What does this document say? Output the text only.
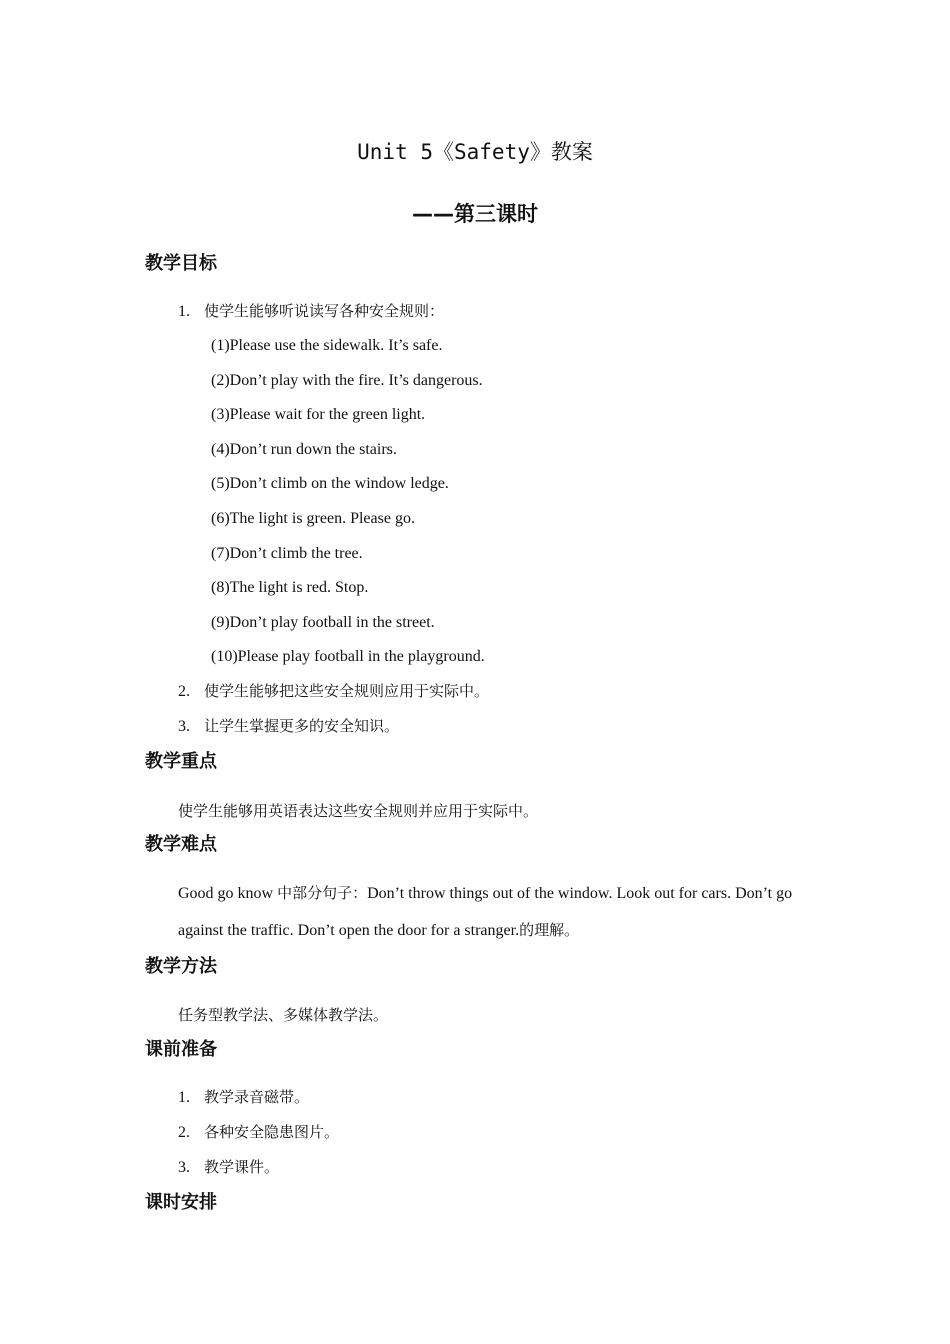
Unit 5《Safety》教案
——第三课时
教学目标
1. 使学生能够听说读写各种安全规则：
(1)Please use the sidewalk. It’s safe.
(2)Don’t play with the fire. It’s dangerous.
(3)Please wait for the green light.
(4)Don’t run down the stairs.
(5)Don’t climb on the window ledge.
(6)The light is green. Please go.
(7)Don’t climb the tree.
(8)The light is red. Stop.
(9)Don’t play football in the street.
(10)Please play football in the playground.
2. 使学生能够把这些安全规则应用于实际中。
3. 让学生掌握更多的安全知识。
教学重点
使学生能够用英语表达这些安全规则并应用于实际中。
教学难点
Good go know 中部分句子：Don’t throw things out of the window. Look out for cars. Don’t go against the traffic. Don’t open the door for a stranger.的理解。
教学方法
任务型教学法、多媒体教学法。
课前准备
1. 教学录音磁带。
2. 各种安全隐患图片。
3. 教学课件。
课时安排
